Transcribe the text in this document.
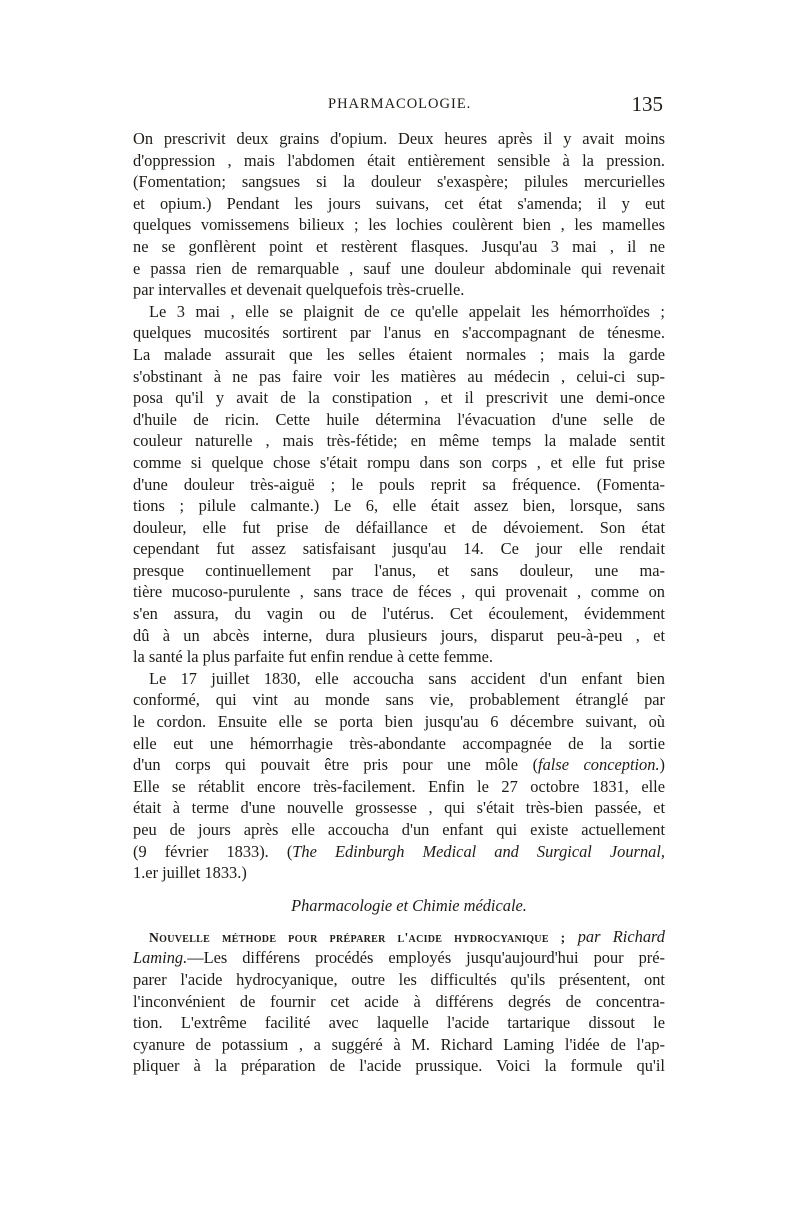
PHARMACOLOGIE.	135
On prescrivit deux grains d'opium. Deux heures après il y avait moins
d'oppression , mais l'abdomen était entièrement sensible à la pression.
(Fomentation; sangsues si la douleur s'exaspère; pilules mercurielles
et opium.) Pendant les jours suivans, cet état s'amenda; il y eut
quelques vomissemens bilieux ; les lochies coulèrent bien , les mamelles
ne se gonflèrent point et restèrent flasques. Jusqu'au 3 mai , il ne
e passa rien de remarquable , sauf une douleur abdominale qui revenait
par intervalles et devenait quelquefois très-cruelle.
Le 3 mai , elle se plaignit de ce qu'elle appelait les hémorrhoïdes ;
quelques mucosités sortirent par l'anus en s'accompagnant de ténesme.
La malade assurait que les selles étaient normales ; mais la garde
s'obstinant à ne pas faire voir les matières au médecin , celui-ci sup-
posa qu'il y avait de la constipation , et il prescrivit une demi-once
d'huile de ricin. Cette huile détermina l'évacuation d'une selle de
couleur naturelle , mais très-fétide; en même temps la malade sentit
comme si quelque chose s'était rompu dans son corps , et elle fut prise
d'une douleur très-aiguë ; le pouls reprit sa fréquence. (Fomenta-
tions ; pilule calmante.) Le 6, elle était assez bien, lorsque, sans
douleur, elle fut prise de défaillance et de dévoiement. Son état
cependant fut assez satisfaisant jusqu'au 14. Ce jour elle rendait
presque continuellement par l'anus, et sans douleur, une ma-
tière mucoso-purulente , sans trace de féces , qui provenait , comme on
s'en assura, du vagin ou de l'utérus. Cet écoulement, évidemment
dû à un abcès interne, dura plusieurs jours, disparut peu-à-peu , et
la santé la plus parfaite fut enfin rendue à cette femme.
Le 17 juillet 1830, elle accoucha sans accident d'un enfant bien
conformé, qui vint au monde sans vie, probablement étranglé par
le cordon. Ensuite elle se porta bien jusqu'au 6 décembre suivant, où
elle eut une hémorrhagie très-abondante accompagnée de la sortie
d'un corps qui pouvait être pris pour une môle (false conception.)
Elle se rétablit encore très-facilement. Enfin le 27 octobre 1831, elle
était à terme d'une nouvelle grossesse , qui s'était très-bien passée, et
peu de jours après elle accoucha d'un enfant qui existe actuellement
(9 février 1833). (The Edinburgh Medical and Surgical Journal,
1.er juillet 1833.)
Pharmacologie et Chimie médicale.
Nouvelle méthode pour préparer l'acide hydrocyanique ; par Richard
Laming.—Les différens procédés employés jusqu'aujourd'hui pour pré-
parer l'acide hydrocyanique, outre les difficultés qu'ils présentent, ont
l'inconvénient de fournir cet acide à différens degrés de concentra-
tion. L'extrême facilité avec laquelle l'acide tartarique dissout le
cyanure de potassium , a suggéré à M. Richard Laming l'idée de l'ap-
pliquer à la préparation de l'acide prussique. Voici la formule qu'il
